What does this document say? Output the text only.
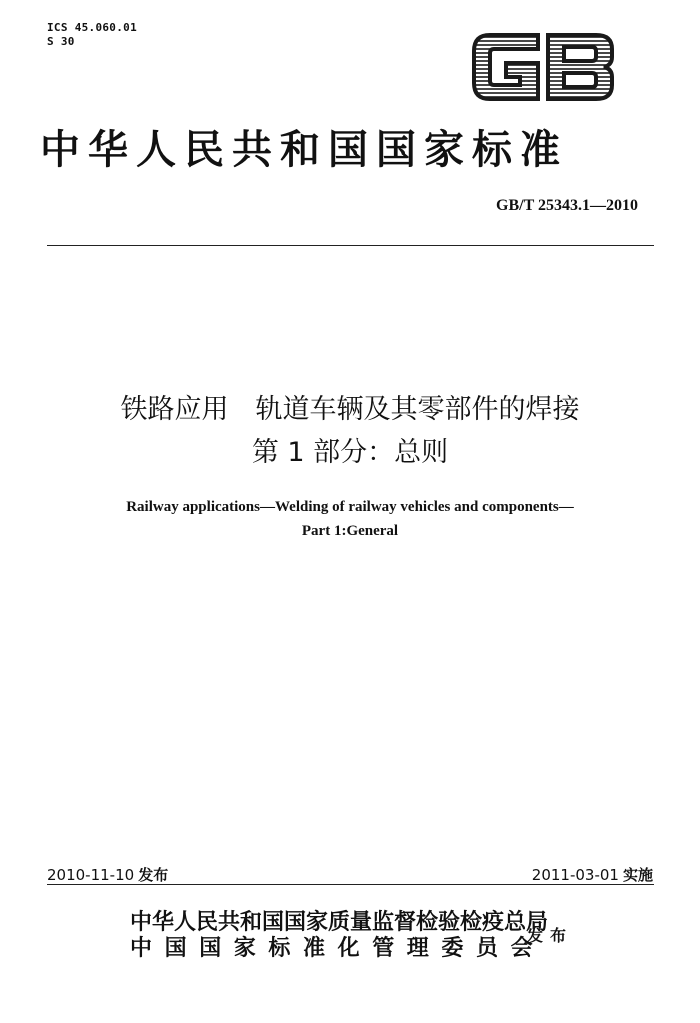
ICS 45.060.01
S 30
中华人民共和国国家标准
GB/T 25343.1—2010
铁路应用　轨道车辆及其零部件的焊接
第 1 部分：总则
Railway applications—Welding of railway vehicles and components—
Part 1:General
2010-11-10 发布	2011-03-01 实施
中华人民共和国国家质量监督检验检疫总局
中国国家标准化管理委员会
发布
